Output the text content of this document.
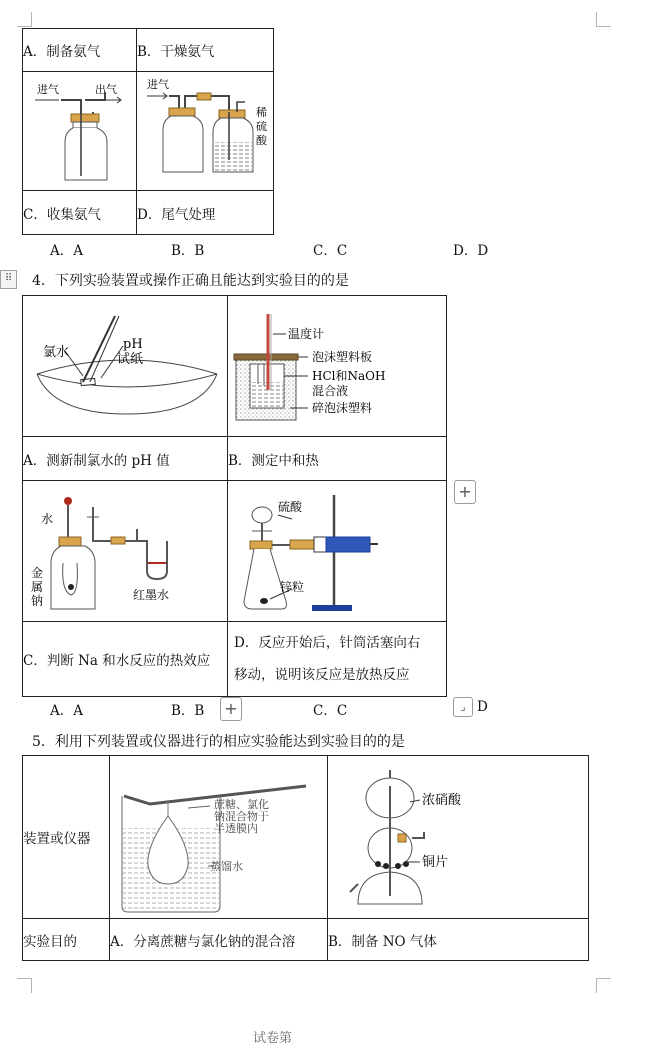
A．制备氨气	B．干燥氨气

进气 出气	进气
稀
硫
酸

C．收集氨气	D．尾气处理
A．A	B．B	C．C	D．D
⠿	4．下列实验装置或操作正确且能达到实验目的的是
氯水
pH
试纸	温度计
泡沫塑料板
HCl和NaOH
混合液
碎泡沫塑料

A．测新制氯水的 pH 值	B．测定中和热

水
金
属
钠 红墨水	硫酸
锌粒

C．判断 Na 和水反应的热效应	D．反应开始后，针筒活塞向右
移动，说明该反应是放热反应
+
A．A	B．B +	C．C	⌟ D
5．利用下列装置或仪器进行的相应实验能达到实验目的的是
装置或仪器	蔗糖、氯化
钠混合物于
半透膜内
蒸馏水	浓硝酸
铜片

实验目的	A．分离蔗糖与氯化钠的混合溶	B．制备 NO 气体
试卷第
